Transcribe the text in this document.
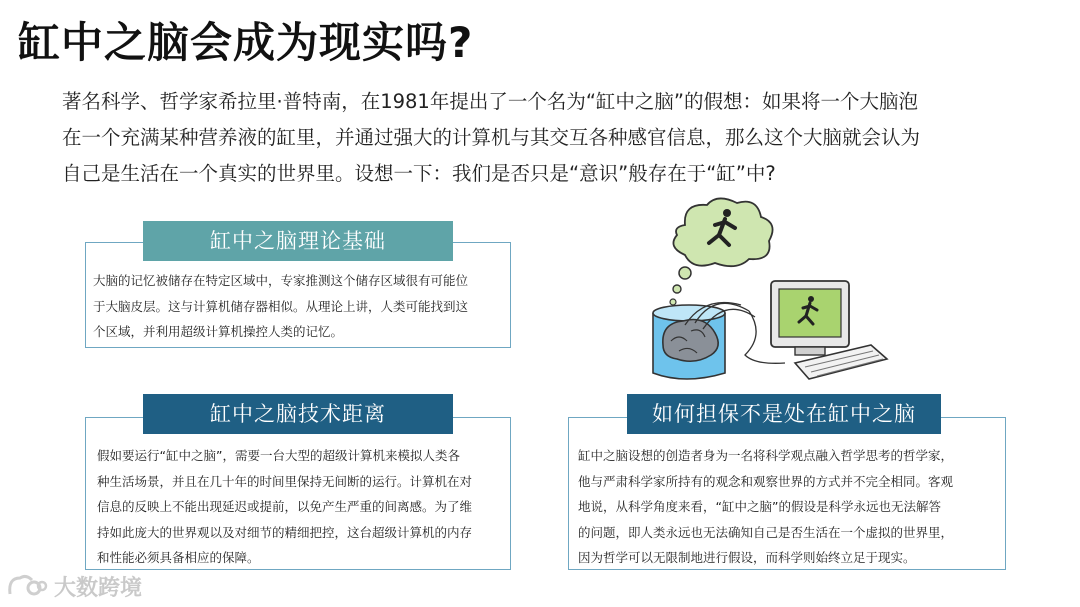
缸中之脑会成为现实吗?
著名科学、哲学家希拉里·普特南，在1981年提出了一个名为“缸中之脑”的假想：如果将一个大脑泡
在一个充满某种营养液的缸里，并通过强大的计算机与其交互各种感官信息，那么这个大脑就会认为
自己是生活在一个真实的世界里。设想一下：我们是否只是“意识”般存在于“缸”中?
缸中之脑理论基础
大脑的记忆被储存在特定区域中，专家推测这个储存区域很有可能位
于大脑皮层。这与计算机储存器相似。从理论上讲，人类可能找到这
个区域，并利用超级计算机操控人类的记忆。
缸中之脑技术距离
假如要运行“缸中之脑”，需要一台大型的超级计算机来模拟人类各
种生活场景，并且在几十年的时间里保持无间断的运行。计算机在对
信息的反映上不能出现延迟或提前，以免产生严重的间离感。为了维
持如此庞大的世界观以及对细节的精细把控，这台超级计算机的内存
和性能必须具备相应的保障。
如何担保不是处在缸中之脑
缸中之脑设想的创造者身为一名将科学观点融入哲学思考的哲学家，
他与严肃科学家所持有的观念和观察世界的方式并不完全相同。客观
地说，从科学角度来看，“缸中之脑”的假设是科学永远也无法解答
的问题，即人类永远也无法确知自己是否生活在一个虚拟的世界里，
因为哲学可以无限制地进行假设，而科学则始终立足于现实。
大数跨境
